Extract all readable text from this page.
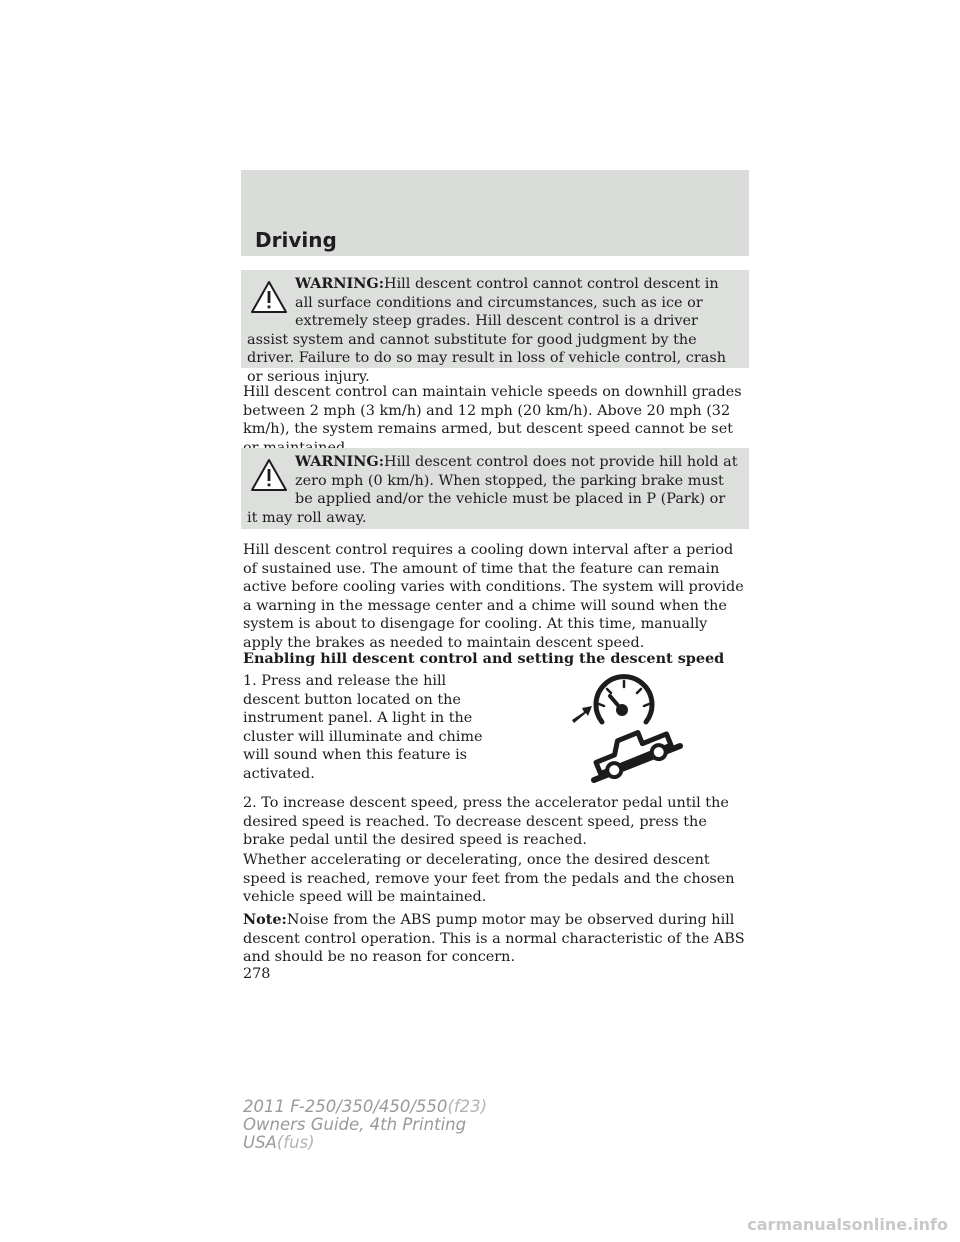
Driving

WARNING:Hill descent control cannot control descent in all surface conditions and circumstances, such as ice or extremely steep grades. Hill descent control is a driver assist system and cannot substitute for good judgment by the driver. Failure to do so may result in loss of vehicle control, crash or serious injury.

Hill descent control can maintain vehicle speeds on downhill grades between 2 mph (3 km/h) and 12 mph (20 km/h). Above 20 mph (32 km/h), the system remains armed, but descent speed cannot be set

WARNING:Hill descent control does not provide hill hold at zero mph (0 km/h). When stopped, the parking brake must be applied and/or the vehicle must be placed in P (Park) or it may roll away.

Hill descent control requires a cooling down interval after a period of sustained use. The amount of time that the feature can remain active before cooling varies with conditions. The system will provide a warning in the message center and a chime will sound when the system is about to disengage for cooling. At this time, manually apply the brakes as needed to maintain descent speed.

Enabling hill descent control and setting the descent speed

1. Press and release the hill descent button located on the instrument panel. A light in the cluster will illuminate and chime will sound when this feature is activated.

2. To increase descent speed, press the accelerator pedal until the desired speed is reached. To decrease descent speed, press the brake pedal until the desired speed is reached.

Whether accelerating or decelerating, once the desired descent speed is reached, remove your feet from the pedals and the chosen vehicle speed will be maintained.

Note:Noise from the ABS pump motor may be observed during hill descent control operation. This is a normal characteristic of the ABS and should be no reason for concern.

278

2011 F-250/350/450/550(f23)
Owners Guide, 4th Printing
USA(fus)

carmanualsonline.info
